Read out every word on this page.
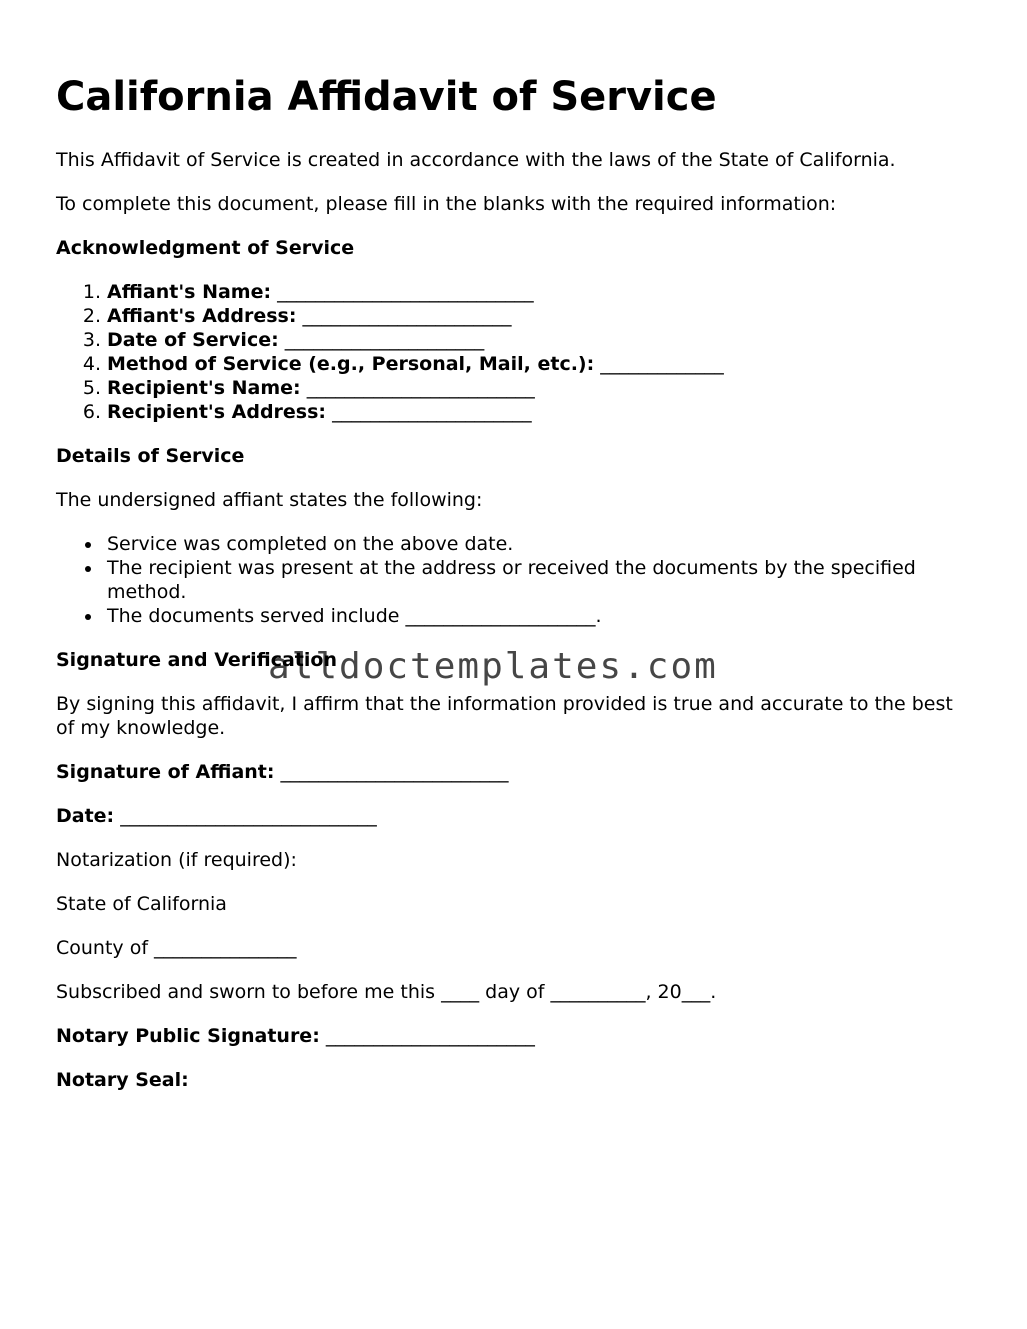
California Affidavit of Service

This Affidavit of Service is created in accordance with the laws of the State of California.

To complete this document, please fill in the blanks with the required information:

Acknowledgment of Service

1. Affiant's Name: ___________________________
2. Affiant's Address: ______________________
3. Date of Service: _____________________
4. Method of Service (e.g., Personal, Mail, etc.): _____________
5. Recipient's Name: ________________________
6. Recipient's Address: _____________________

Details of Service

The undersigned affiant states the following:

Service was completed on the above date.
The recipient was present at the address or received the documents by the specified method.
The documents served include ____________________.

Signature and Verification

By signing this affidavit, I affirm that the information provided is true and accurate to the best of my knowledge.

Signature of Affiant: ________________________

Date: ___________________________

Notarization (if required):

State of California

County of _______________

Subscribed and sworn to before me this ____ day of __________, 20___.

Notary Public Signature: ______________________

Notary Seal:

alldoctemplates.com
